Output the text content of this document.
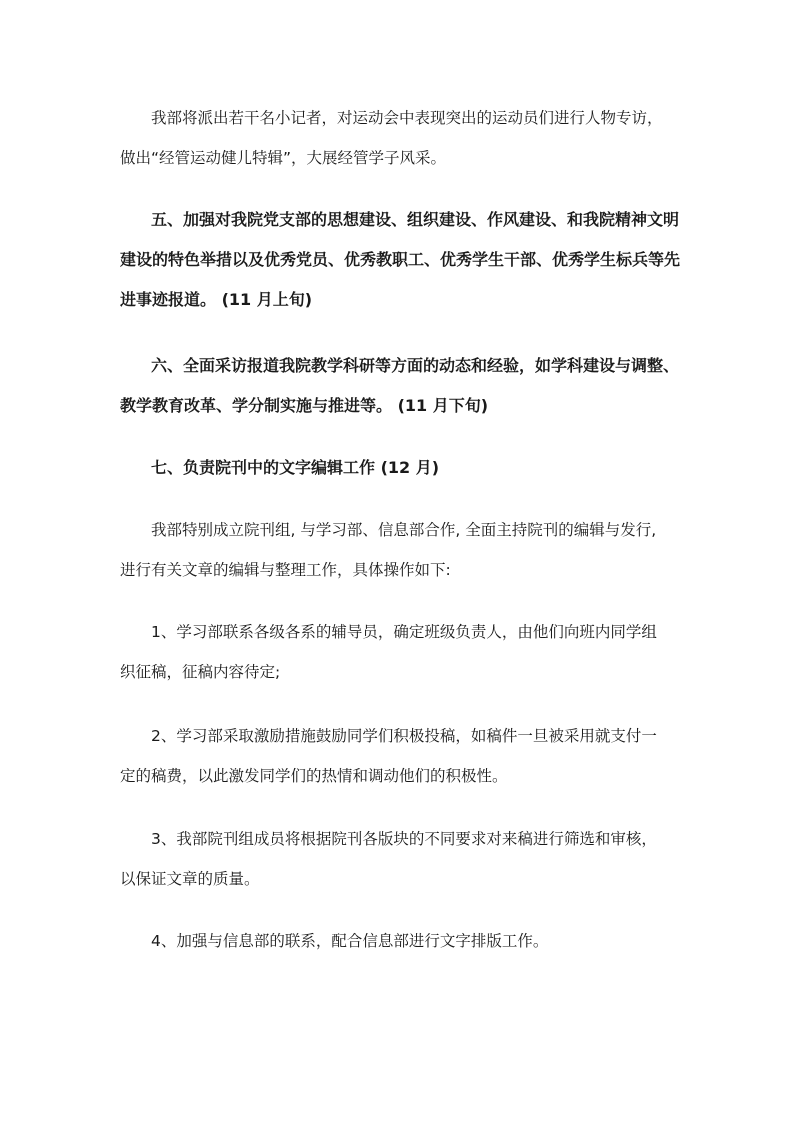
我部将派出若干名小记者，对运动会中表现突出的运动员们进行人物专访，
做出“经管运动健儿特辑”，大展经管学子风采。
五、加强对我院党支部的思想建设、组织建设、作风建设、和我院精神文明
建设的特色举措以及优秀党员、优秀教职工、优秀学生干部、优秀学生标兵等先
进事迹报道。 (11 月上旬)
六、全面采访报道我院教学科研等方面的动态和经验，如学科建设与调整、
教学教育改革、学分制实施与推进等。 (11 月下旬)
七、负责院刊中的文字编辑工作 (12 月)
我部特别成立院刊组, 与学习部、信息部合作, 全面主持院刊的编辑与发行,
进行有关文章的编辑与整理工作，具体操作如下:
1、学习部联系各级各系的辅导员，确定班级负责人，由他们向班内同学组
织征稿，征稿内容待定;
2、学习部采取激励措施鼓励同学们积极投稿，如稿件一旦被采用就支付一
定的稿费，以此激发同学们的热情和调动他们的积极性。
3、我部院刊组成员将根据院刊各版块的不同要求对来稿进行筛选和审核，
以保证文章的质量。
4、加强与信息部的联系，配合信息部进行文字排版工作。
